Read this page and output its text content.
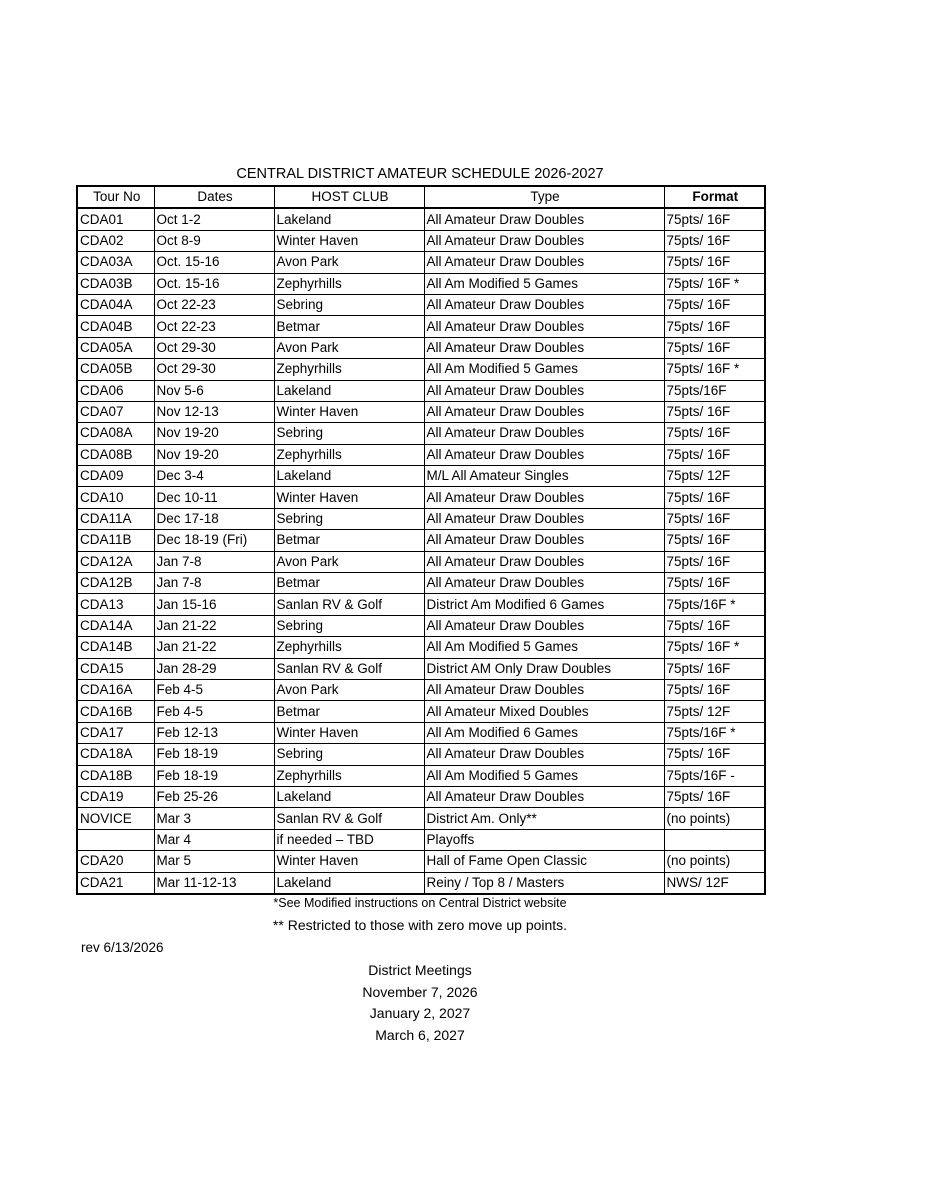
CENTRAL DISTRICT AMATEUR SCHEDULE 2026-2027
Tour No	Dates	HOST CLUB	Type	Format
CDA01	Oct 1-2	Lakeland	All Amateur Draw Doubles	75pts/ 16F
CDA02	Oct 8-9	Winter Haven	All Amateur Draw Doubles	75pts/ 16F
CDA03A	Oct. 15-16	Avon Park	All Amateur Draw Doubles	75pts/ 16F
CDA03B	Oct. 15-16	Zephyrhills	All Am Modified 5 Games	75pts/ 16F *
CDA04A	Oct 22-23	Sebring	All Amateur Draw Doubles	75pts/ 16F
CDA04B	Oct 22-23	Betmar	All Amateur Draw Doubles	75pts/ 16F
CDA05A	Oct 29-30	Avon Park	All Amateur Draw Doubles	75pts/ 16F
CDA05B	Oct 29-30	Zephyrhills	All Am Modified 5 Games	75pts/ 16F *
CDA06	Nov 5-6	Lakeland	All Amateur Draw Doubles	75pts/16F
CDA07	Nov 12-13	Winter Haven	All Amateur Draw Doubles	75pts/ 16F
CDA08A	Nov 19-20	Sebring	All Amateur Draw Doubles	75pts/ 16F
CDA08B	Nov 19-20	Zephyrhills	All Amateur Draw Doubles	75pts/ 16F
CDA09	Dec 3-4	Lakeland	M/L All Amateur Singles	75pts/ 12F
CDA10	Dec 10-11	Winter Haven	All Amateur Draw Doubles	75pts/ 16F
CDA11A	Dec 17-18	Sebring	All Amateur Draw Doubles	75pts/ 16F
CDA11B	Dec 18-19 (Fri)	Betmar	All Amateur Draw Doubles	75pts/ 16F
CDA12A	Jan 7-8	Avon Park	All Amateur Draw Doubles	75pts/ 16F
CDA12B	Jan 7-8	Betmar	All Amateur Draw Doubles	75pts/ 16F
CDA13	Jan 15-16	Sanlan RV & Golf	District Am Modified 6 Games	75pts/16F *
CDA14A	Jan 21-22	Sebring	All Amateur Draw Doubles	75pts/ 16F
CDA14B	Jan 21-22	Zephyrhills	All Am Modified 5 Games	75pts/ 16F *
CDA15	Jan 28-29	Sanlan RV & Golf	District AM Only Draw Doubles	75pts/ 16F
CDA16A	Feb 4-5	Avon Park	All Amateur Draw Doubles	75pts/ 16F
CDA16B	Feb 4-5	Betmar	All Amateur Mixed Doubles	75pts/ 12F
CDA17	Feb 12-13	Winter Haven	All Am Modified 6 Games	75pts/16F *
CDA18A	Feb 18-19	Sebring	All Amateur Draw Doubles	75pts/ 16F
CDA18B	Feb 18-19	Zephyrhills	All Am Modified 5 Games	75pts/16F -
CDA19	Feb 25-26	Lakeland	All Amateur Draw Doubles	75pts/ 16F
NOVICE	Mar 3	Sanlan RV & Golf	District Am. Only**	(no points)
	Mar 4	if needed – TBD	Playoffs	
CDA20	Mar 5	Winter Haven	Hall of Fame Open Classic	(no points)
CDA21	Mar 11-12-13	Lakeland	Reiny / Top 8 / Masters	NWS/ 12F
*See Modified instructions on Central District website
** Restricted to those with zero move up points.
rev 6/13/2026
District Meetings
November 7, 2026
January 2, 2027
March 6, 2027
